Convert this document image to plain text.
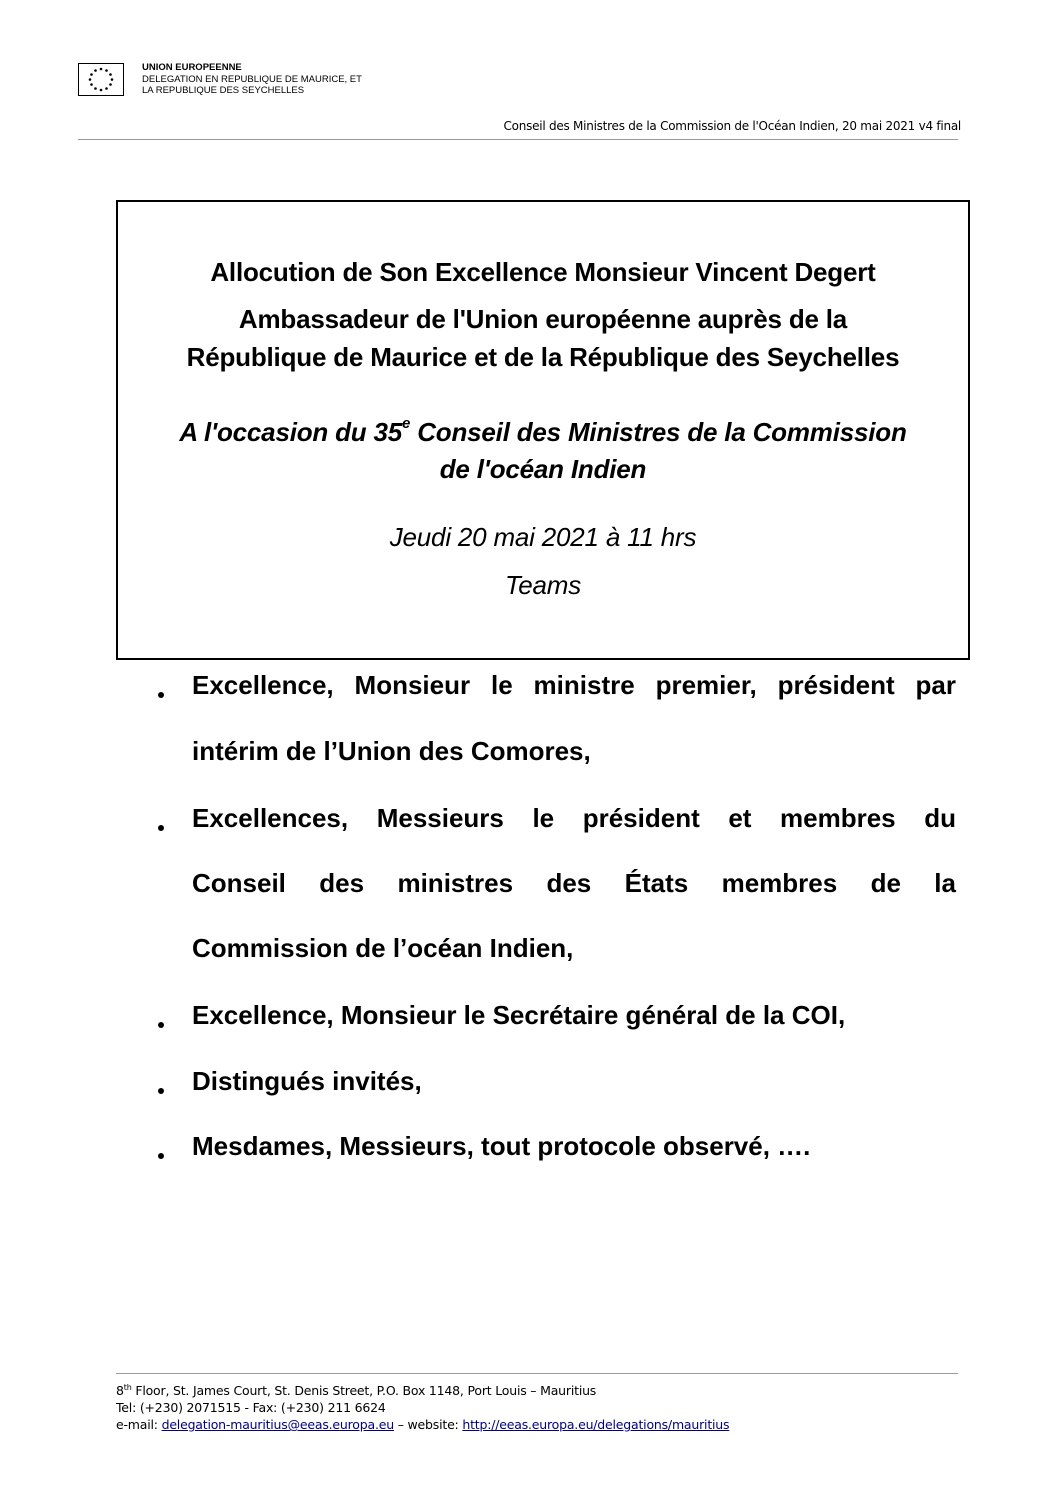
UNION EUROPEENNE
DELEGATION EN REPUBLIQUE DE MAURICE, ET
LA REPUBLIQUE DES SEYCHELLES
Conseil des Ministres de la Commission de l'Océan Indien, 20 mai 2021 v4 final
Allocution de Son Excellence Monsieur Vincent Degert
Ambassadeur de l'Union européenne auprès de la
République de Maurice et de la République des Seychelles
A l'occasion du 35e Conseil des Ministres de la Commission
de l'océan Indien
Jeudi 20 mai 2021 à 11 hrs
Teams
Excellence, Monsieur le ministre premier, président par
intérim de l’Union des Comores,
Excellences, Messieurs le président et membres du
Conseil des ministres des États membres de la
Commission de l’océan Indien,
Excellence, Monsieur le Secrétaire général de la COI,
Distingués invités,
Mesdames, Messieurs, tout protocole observé, ….
8th Floor, St. James Court, St. Denis Street, P.O. Box 1148, Port Louis – Mauritius
Tel: (+230) 2071515 - Fax: (+230) 211 6624
e-mail: delegation-mauritius@eeas.europa.eu – website: http://eeas.europa.eu/delegations/mauritius
